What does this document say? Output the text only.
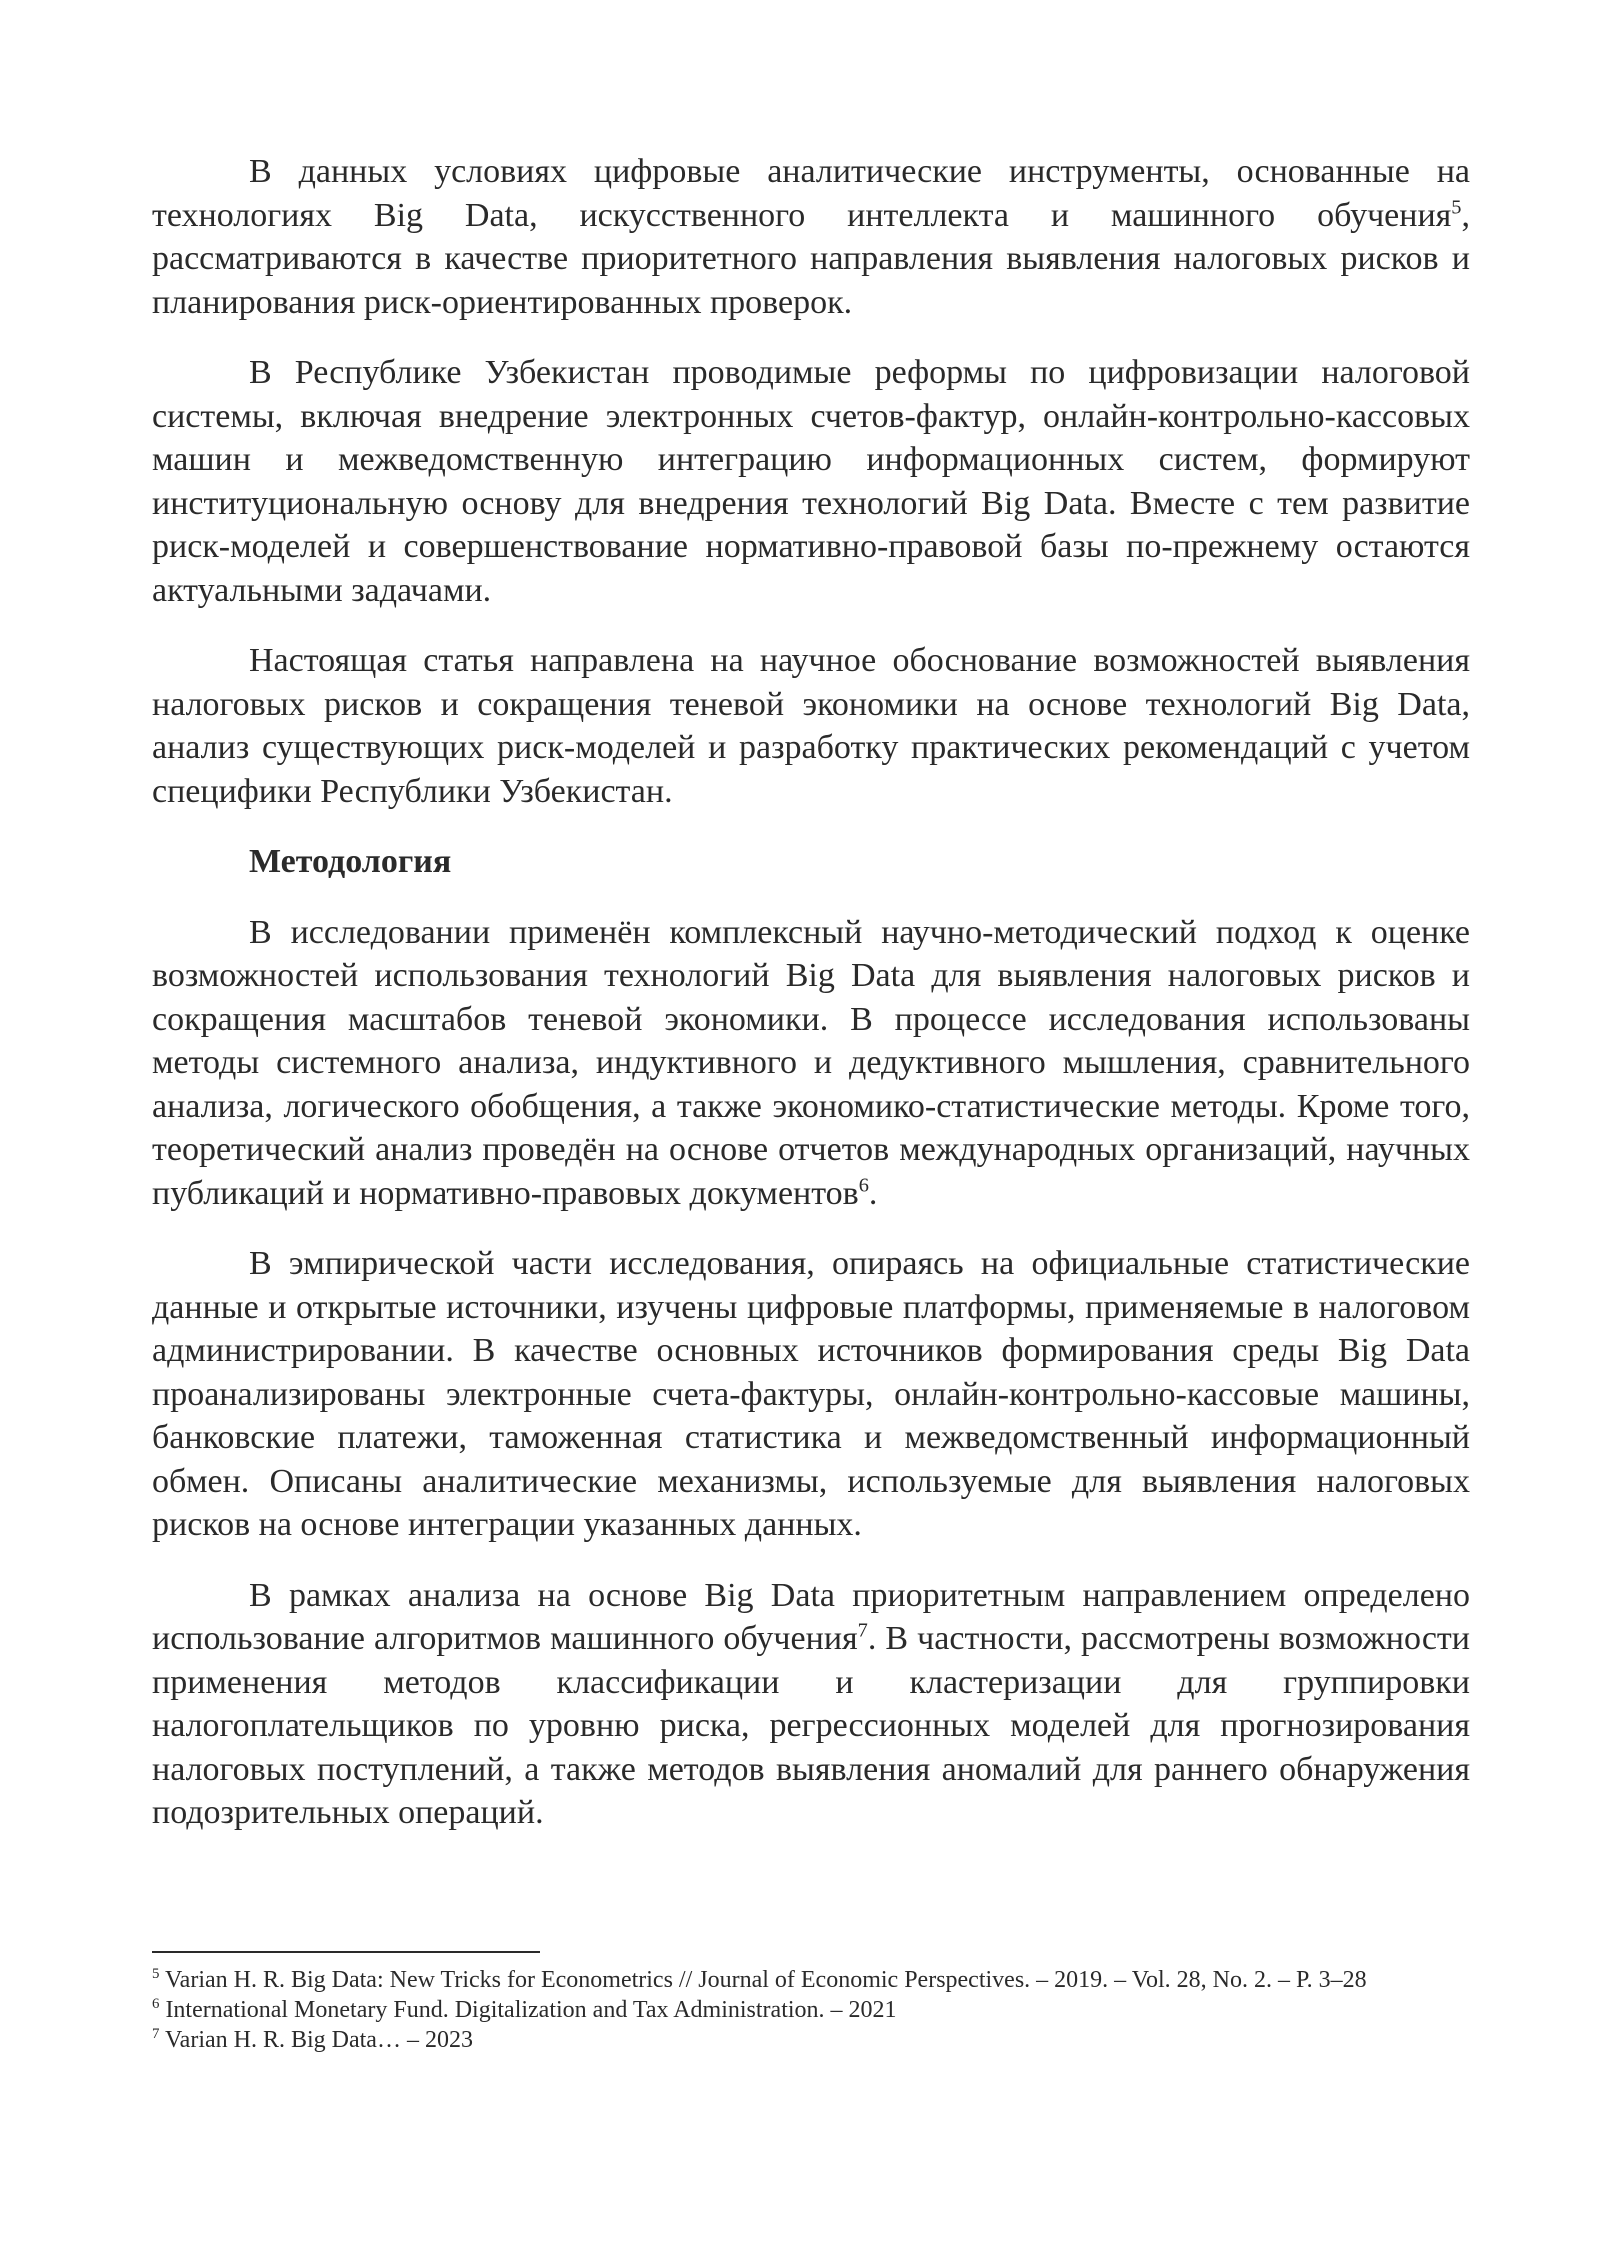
В данных условиях цифровые аналитические инструменты, основанные на технологиях Big Data, искусственного интеллекта и машинного обучения$^5$, рассматриваются в качестве приоритетного направления выявления налоговых рисков и планирования риск-ориентированных проверок.

В Республике Узбекистан проводимые реформы по цифровизации налоговой системы, включая внедрение электронных счетов-фактур, онлайн-контрольно-кассовых машин и межведомственную интеграцию информационных систем, формируют институциональную основу для внедрения технологий Big Data. Вместе с тем развитие риск-моделей и совершенствование нормативно-правовой базы по-прежнему остаются актуальными задачами.

Настоящая статья направлена на научное обоснование возможностей выявления налоговых рисков и сокращения теневой экономики на основе технологий Big Data, анализ существующих риск-моделей и разработку практических рекомендаций с учетом специфики Республики Узбекистан.

Методология

В исследовании применён комплексный научно-методический подход к оценке возможностей использования технологий Big Data для выявления налоговых рисков и сокращения масштабов теневой экономики. В процессе исследования использованы методы системного анализа, индуктивного и дедуктивного мышления, сравнительного анализа, логического обобщения, а также экономико-статистические методы. Кроме того, теоретический анализ проведён на основе отчетов международных организаций, научных публикаций и нормативно-правовых документов$^6$.

В эмпирической части исследования, опираясь на официальные статистические данные и открытые источники, изучены цифровые платформы, применяемые в налоговом администрировании. В качестве основных источников формирования среды Big Data проанализированы электронные счета-фактуры, онлайн-контрольно-кассовые машины, банковские платежи, таможенная статистика и межведомственный информационный обмен. Описаны аналитические механизмы, используемые для выявления налоговых рисков на основе интеграции указанных данных.

В рамках анализа на основе Big Data приоритетным направлением определено использование алгоритмов машинного обучения$^7$. В частности, рассмотрены возможности применения методов классификации и кластеризации для группировки налогоплательщиков по уровню риска, регрессионных моделей для прогнозирования налоговых поступлений, а также методов выявления аномалий для раннего обнаружения подозрительных операций.

$^5$ Varian H. R. Big Data: New Tricks for Econometrics // Journal of Economic Perspectives. – 2019. – Vol. 28, No. 2. – P. 3–28

$^6$ International Monetary Fund. Digitalization and Tax Administration. – 2021

$^7$ Varian H. R. Big Data… – 2023
